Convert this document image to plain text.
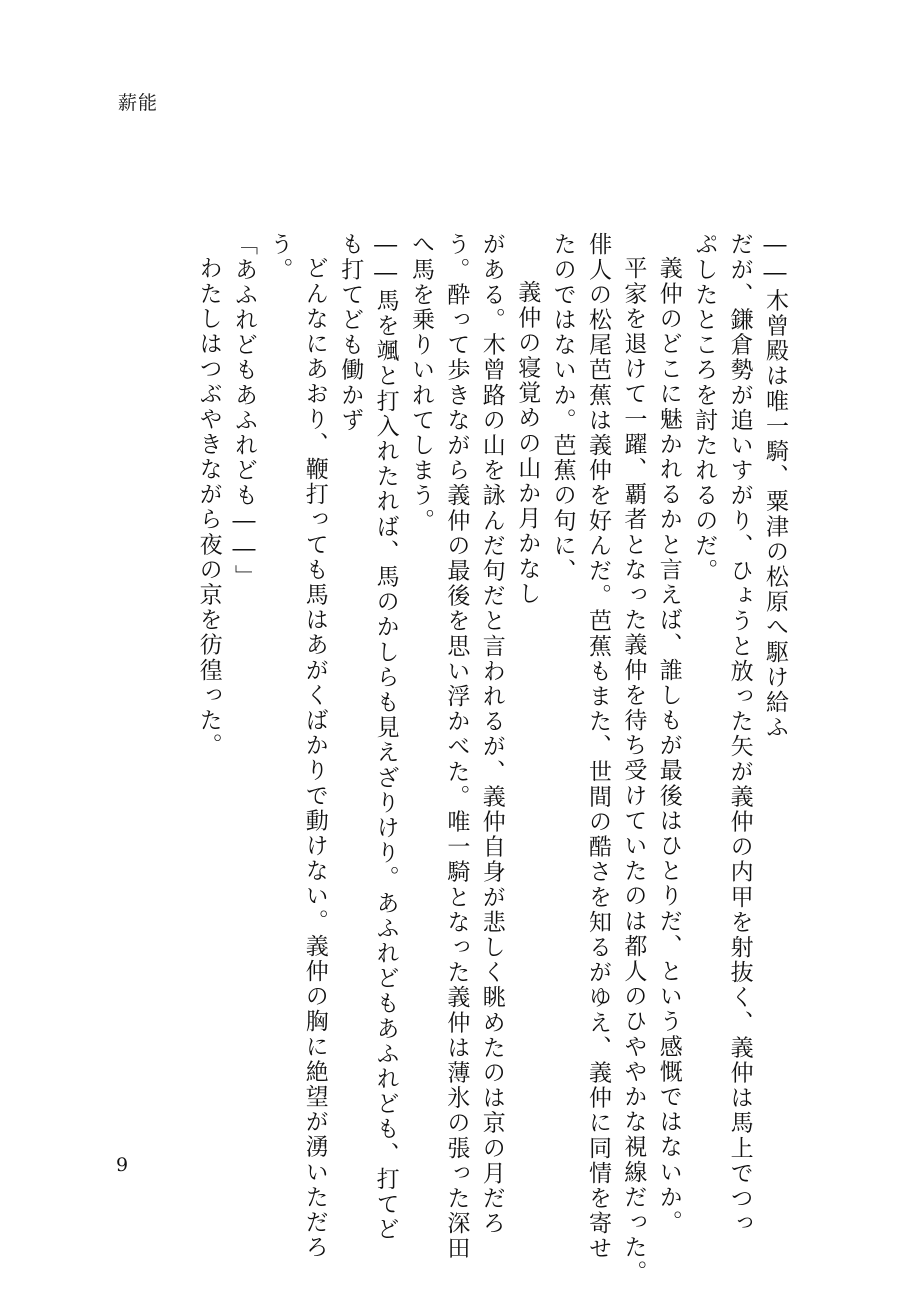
薪能
――木曾殿は唯一騎、粟津の松原へ駆け給ふ
だが、鎌倉勢が追いすがり、ひょうと放った矢が義仲の内甲を射抜く、義仲は馬上でつっ
ぷしたところを討たれるのだ。
義仲のどこに魅かれるかと言えば、誰しもが最後はひとりだ、という感慨ではないか。
平家を退けて一躍、覇者となった義仲を待ち受けていたのは都人のひややかな視線だった。
俳人の松尾芭蕉は義仲を好んだ。芭蕉もまた、世間の酷さを知るがゆえ、義仲に同情を寄せ
たのではないか。芭蕉の句に、
義仲の寝覚めの山か月かなし
がある。木曾路の山を詠んだ句だと言われるが、義仲自身が悲しく眺めたのは京の月だろ
う。酔って歩きながら義仲の最後を思い浮かべた。唯一騎となった義仲は薄氷の張った深田
へ馬を乗りいれてしまう。
――馬を颯と打入れたれば、馬のかしらも見えざりけり。あふれどもあふれども、打てど
も打てども働かず
どんなにあおり、鞭打っても馬はあがくばかりで動けない。義仲の胸に絶望が湧いただろ
う。
「あふれどもあふれども――」
わたしはつぶやきながら夜の京を彷徨った。
9
